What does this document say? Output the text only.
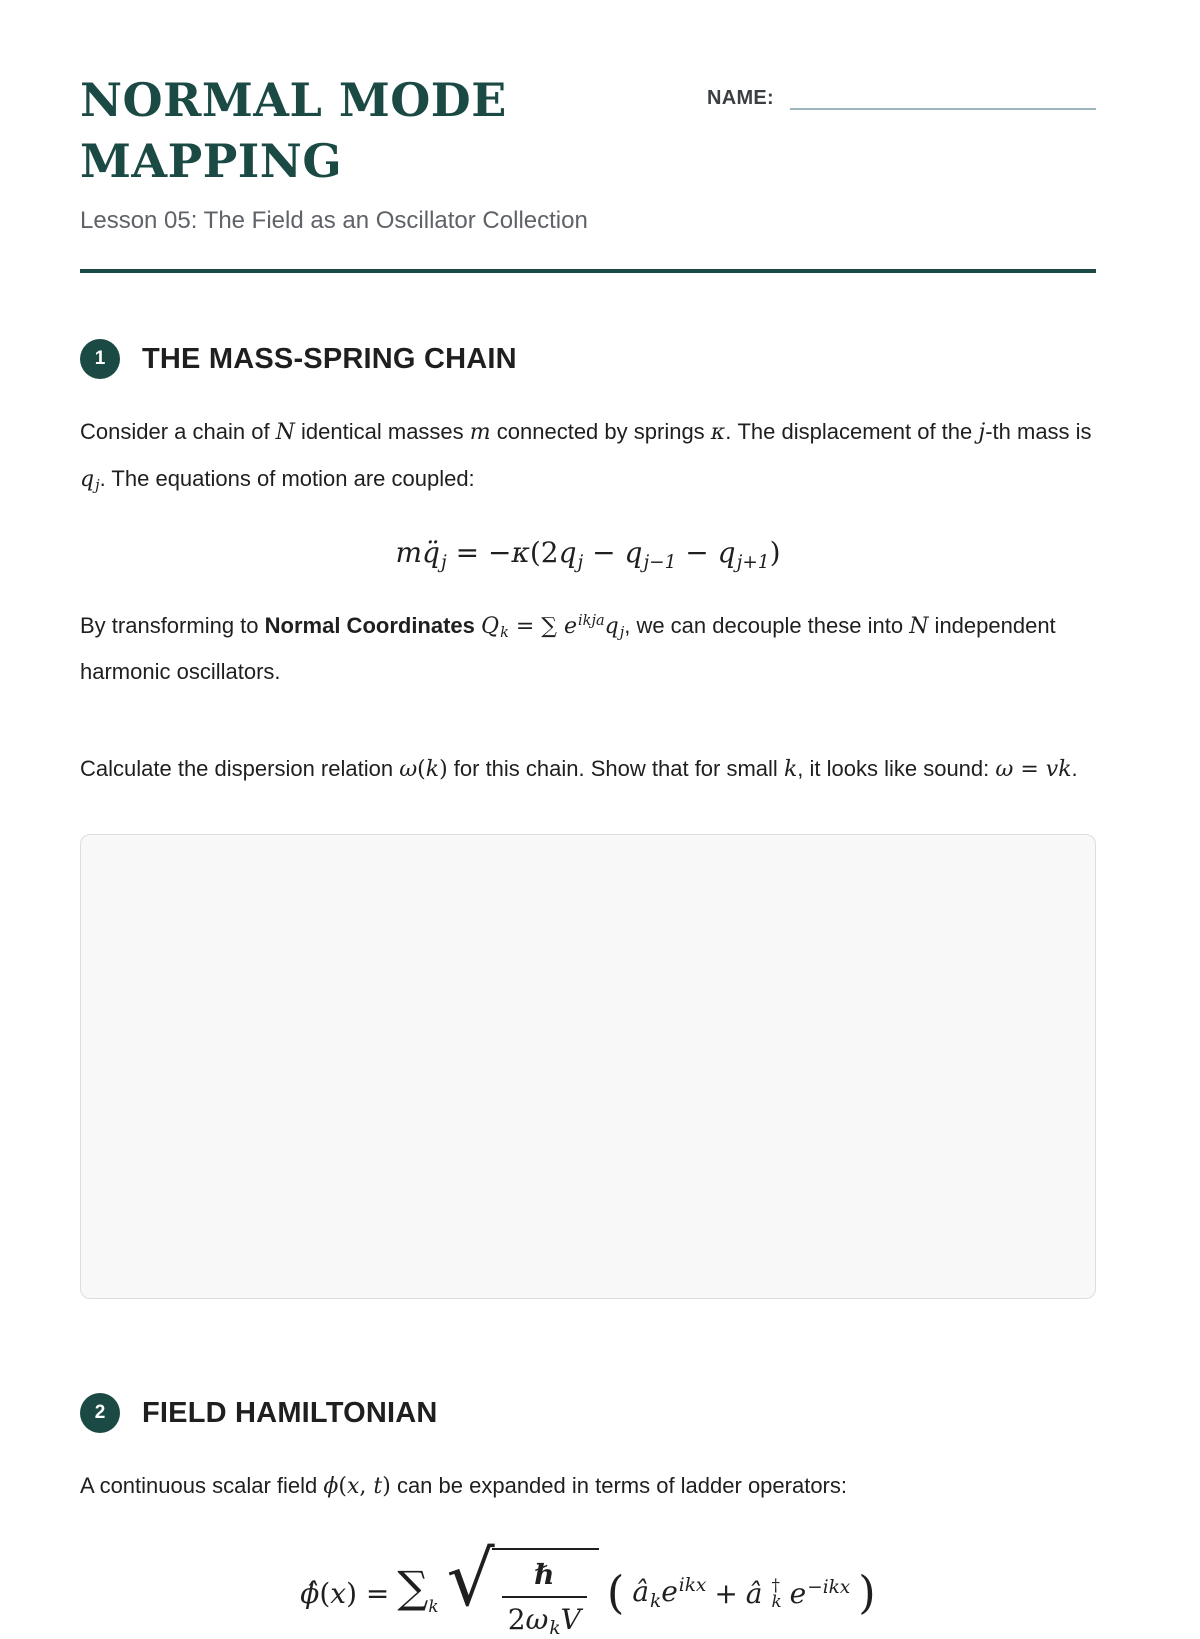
NORMAL MODE MAPPING
NAME:
Lesson 05: The Field as an Oscillator Collection
1	THE MASS-SPRING CHAIN

Consider a chain of N identical masses m connected by springs κ. The displacement of the j-th mass is $q_j$. The equations of motion are coupled:

$mq̈_j = -\kappa(2q_j - q_{j-1} - q_{j+1})$

By transforming to Normal Coordinates $Q_k$ = ∑ $e^{ikja}q_j$, we can decouple these into N independent harmonic oscillators.

Calculate the dispersion relation ω(k) for this chain. Show that for small k, it looks like sound: ω = vk.

2	FIELD HAMILTONIAN

A continuous scalar field ϕ(x, t) can be expanded in terms of ladder operators:

ϕ̂(x) = $\sum_k$ √ $\frac{\text{ℏ}}{2\omega_kV}$ ( $â_ke^{ikx}$ + â †
k $e^{-ikx}$ )
